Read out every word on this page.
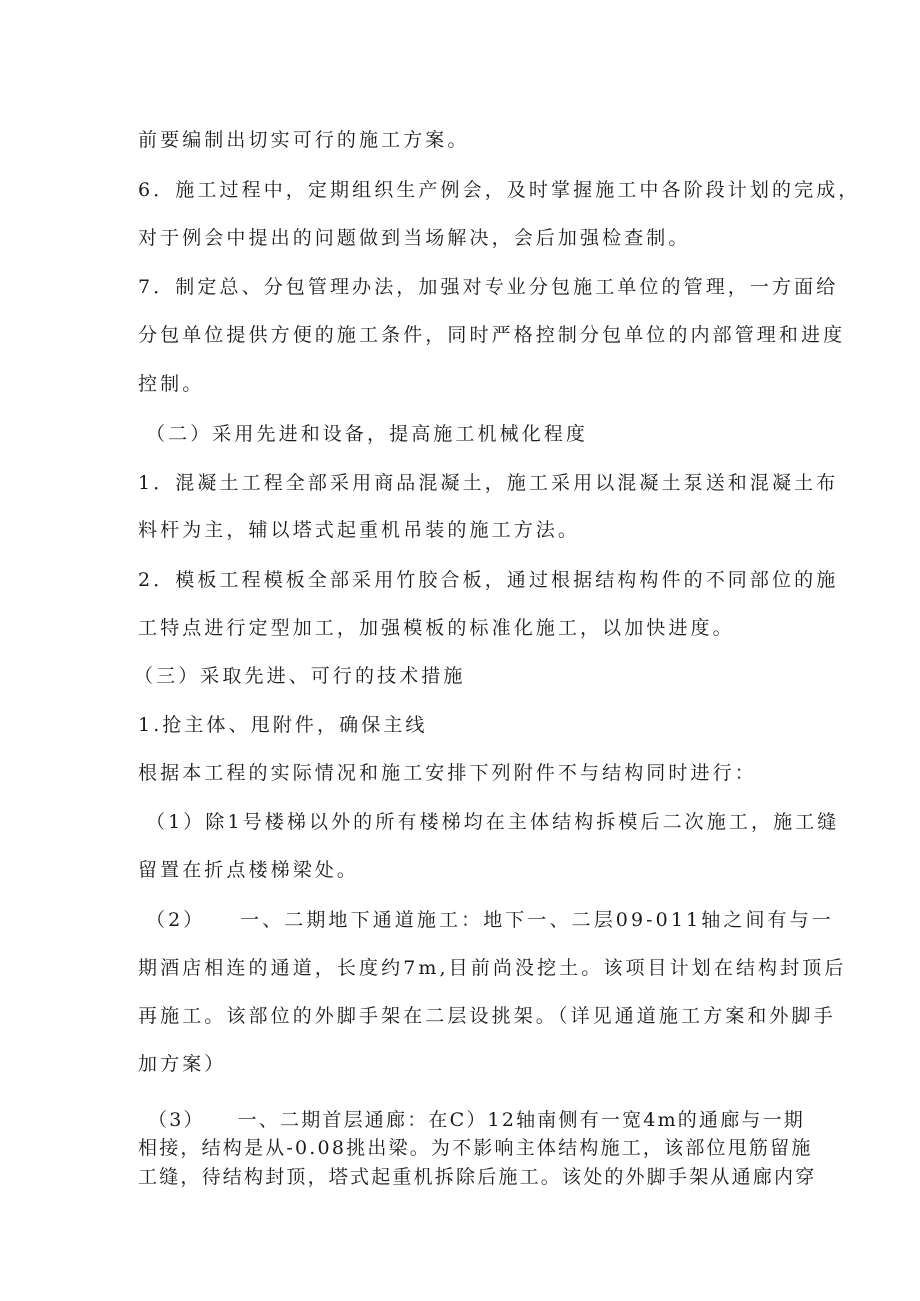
前要编制出切实可行的施工方案。

6．施工过程中，定期组织生产例会，及时掌握施工中各阶段计划的完成，

对于例会中提出的问题做到当场解决，会后加强检查制。

7．制定总、分包管理办法，加强对专业分包施工单位的管理，一方面给

分包单位提供方便的施工条件，同时严格控制分包单位的内部管理和进度

控制。

（二）采用先进和设备，提高施工机械化程度

1．混凝土工程全部采用商品混凝土，施工采用以混凝土泵送和混凝土布

料杆为主，辅以塔式起重机吊装的施工方法。

2．模板工程模板全部采用竹胶合板，通过根据结构构件的不同部位的施

工特点进行定型加工，加强模板的标准化施工，以加快进度。

（三）采取先进、可行的技术措施

1.抢主体、甩附件，确保主线

根据本工程的实际情况和施工安排下列附件不与结构同时进行：

（1）除1号楼梯以外的所有楼梯均在主体结构拆模后二次施工，施工缝

留置在折点楼梯梁处。

（2）　　一、二期地下通道施工：地下一、二层09-011轴之间有与一

期酒店相连的通道，长度约7m,目前尚没挖土。该项目计划在结构封顶后

再施工。该部位的外脚手架在二层设挑架。（详见通道施工方案和外脚手

加方案）

（3）　　一、二期首层通廊：在C）12轴南侧有一宽4m的通廊与一期

相接，结构是从-0.08挑出梁。为不影响主体结构施工，该部位甩筋留施

工缝，待结构封顶，塔式起重机拆除后施工。该处的外脚手架从通廊内穿
